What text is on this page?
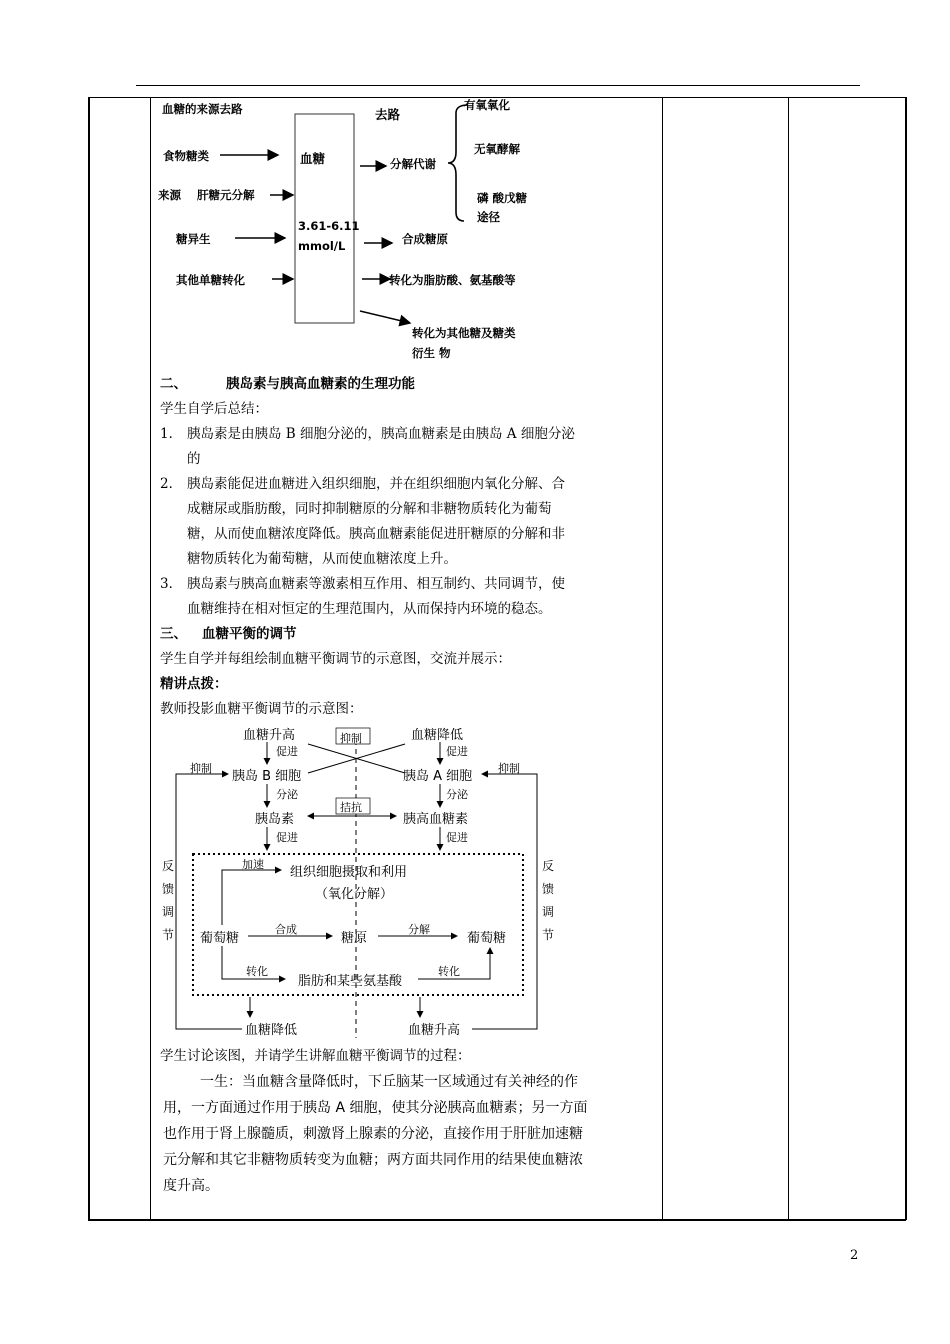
血糖的来源去路	去路
有氧氧化
食物糖类	血糖	分解代谢
无氧酵解
来源 肝糖元分解	磷 酸戊糖
途径
3.61-6.11
糖异生	合成糖原
mmol/L
其他单糖转化	转化为脂肪酸、氨基酸等
转化为其他糖及糖类
衍生 物
二、	胰岛素与胰高血糖素的生理功能
学生自学后总结：
1． 胰岛素是由胰岛 B 细胞分泌的，胰高血糖素是由胰岛 A 细胞分泌
的
2． 胰岛素能促进血糖进入组织细胞，并在组织细胞内氧化分解、合
成糖尿或脂肪酸，同时抑制糖原的分解和非糖物质转化为葡萄
糖，从而使血糖浓度降低。胰高血糖素能促进肝糖原的分解和非
糖物质转化为葡萄糖，从而使血糖浓度上升。
3． 胰岛素与胰高血糖素等激素相互作用、相互制约、共同调节，使
血糖维持在相对恒定的生理范围内，从而保持内环境的稳态。
三、 血糖平衡的调节
学生自学并每组绘制血糖平衡调节的示意图，交流并展示：
精讲点拨：
教师投影血糖平衡调节的示意图：
血糖升高	血糖降低
抑制
促进	促进
抑制	抑制
胰岛 B 细胞	胰岛 A 细胞
分泌	分泌
拮抗
胰岛素	胰高血糖素
促进	促进
反馈调节
反馈调节
加速
组织细胞摄取和利用
（氧化分解）
合成	分解
葡萄糖	糖原	葡萄糖
转化	转化
脂肪和某些氨基酸
血糖降低	血糖升高
学生讨论该图，并请学生讲解血糖平衡调节的过程：
一生：当血糖含量降低时，下丘脑某一区域通过有关神经的作
用，一方面通过作用于胰岛 A 细胞，使其分泌胰高血糖素；另一方面
也作用于肾上腺髓质，刺激肾上腺素的分泌，直接作用于肝脏加速糖
元分解和其它非糖物质转变为血糖；两方面共同作用的结果使血糖浓
度升高。
2
